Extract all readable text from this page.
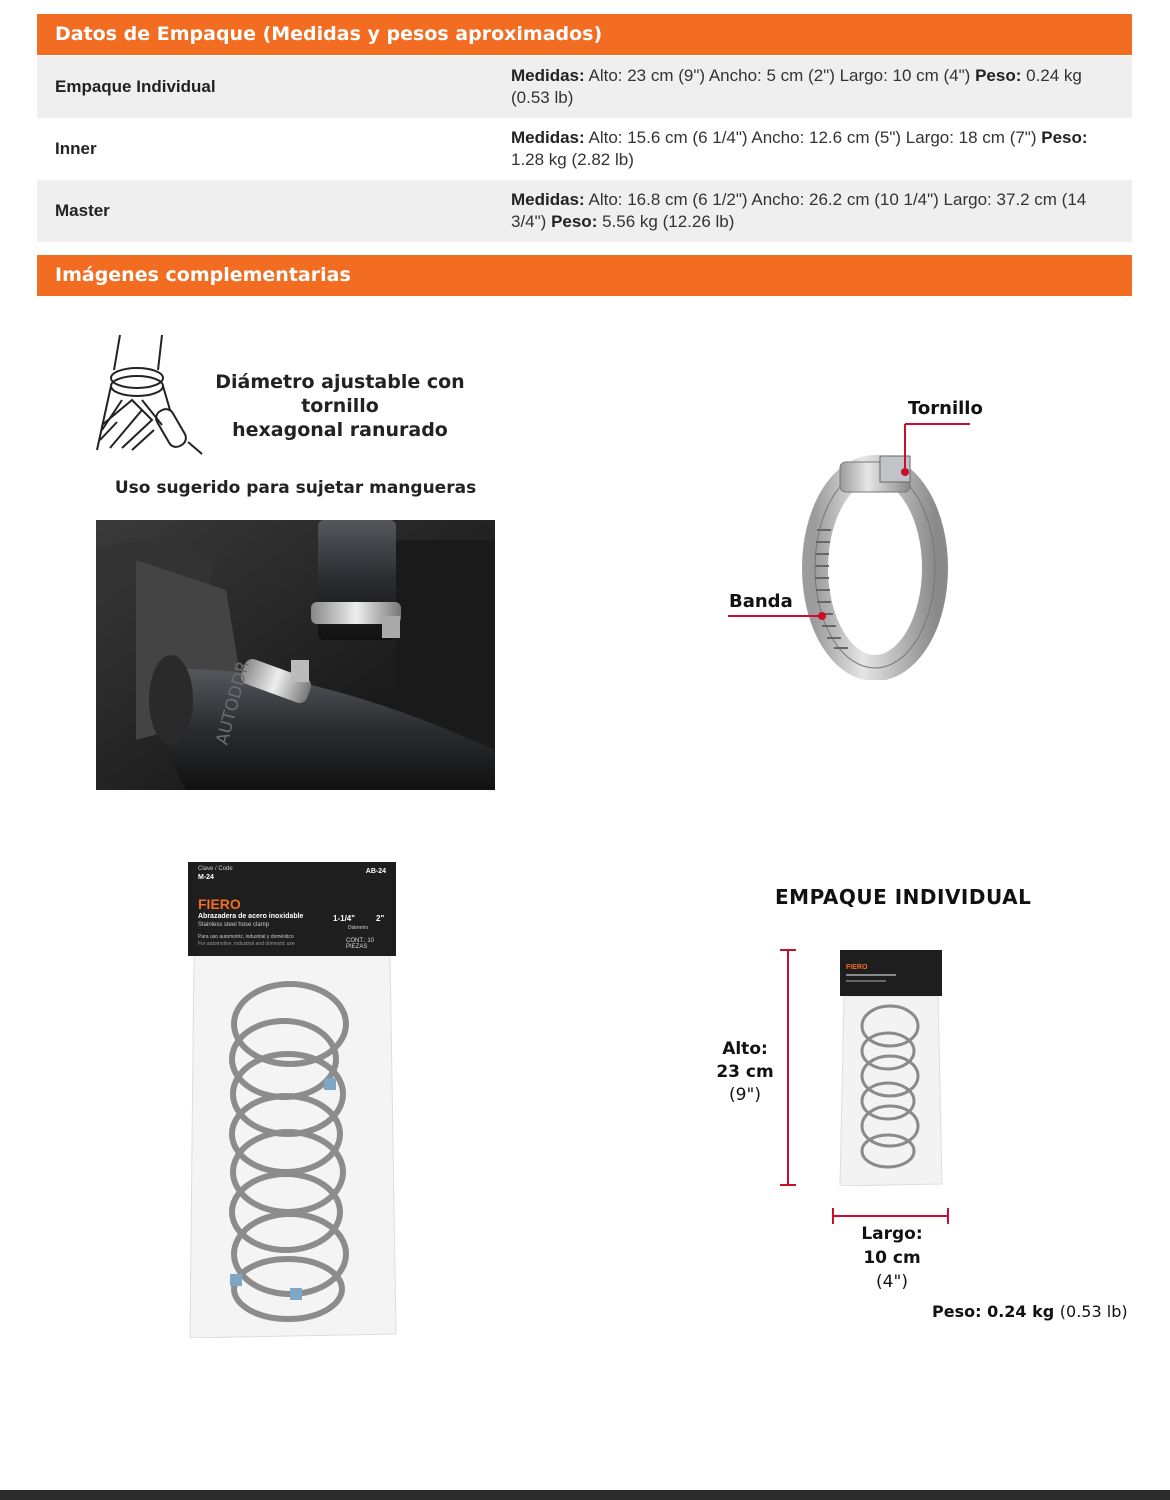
Datos de Empaque (Medidas y pesos aproximados)
Empaque Individual	Medidas: Alto: 23 cm (9") Ancho: 5 cm (2") Largo: 10 cm (4") Peso: 0.24 kg (0.53 lb)
Inner	Medidas: Alto: 15.6 cm (6 1/4") Ancho: 12.6 cm (5") Largo: 18 cm (7") Peso: 1.28 kg (2.82 lb)
Master	Medidas: Alto: 16.8 cm (6 1/2") Ancho: 26.2 cm (10 1/4") Largo: 37.2 cm (14 3/4") Peso: 5.56 kg (12.26 lb)
Imágenes complementarias
Diámetro ajustable con tornillo
hexagonal ranurado
Uso sugerido para sujetar mangueras
AUTODDR
Tornillo
Banda
Clave / Code
M-24
AB-24
FIERO
Abrazadera de acero inoxidable
Stainless steel hose clamp
Para uso automotriz, industrial y doméstico
For automotive, industrial and domestic use
1-1/4"	2"
Diámetro
CONT.: 10 PIEZAS
EMPAQUE INDIVIDUAL
FIERO
Alto:
23 cm
(9")
Largo:
10 cm
(4")
Peso: 0.24 kg (0.53 lb)
